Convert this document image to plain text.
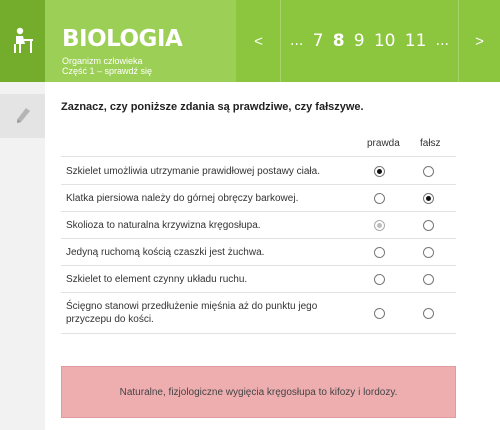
BIOLOGIA
Organizm człowieka
Część 1 – sprawdź się
<	... 7 8 9 10 11 ...	>
Zaznacz, czy poniższe zdania są prawdziwe, czy fałszywe.
prawda fałsz
Szkielet umożliwia utrzymanie prawidłowej postawy ciała.
Klatka piersiowa należy do górnej obręczy barkowej.
Skolioza to naturalna krzywizna kręgosłupa.
Jedyną ruchomą kością czaszki jest żuchwa.
Szkielet to element czynny układu ruchu.
Ścięgno stanowi przedłużenie mięśnia aż do punktu jego przyczepu do kości.
Naturalne, fizjologiczne wygięcia kręgosłupa to kifozy i lordozy.
